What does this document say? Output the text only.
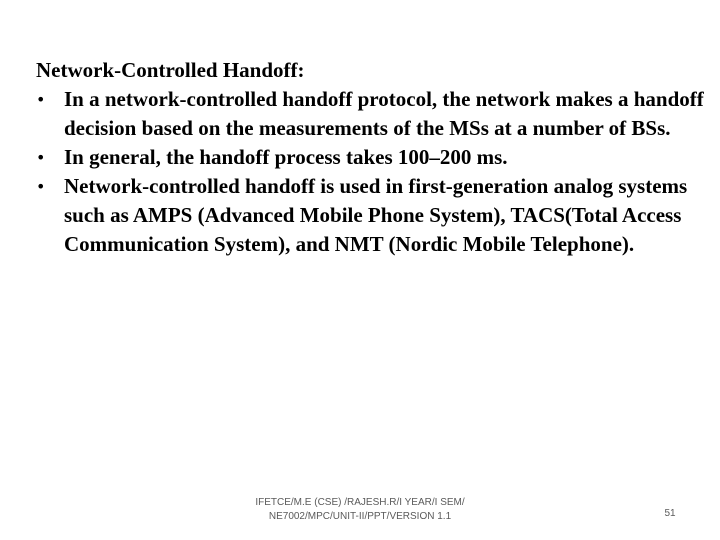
Network-Controlled Handoff:

• In a network-controlled handoff protocol, the network makes a handoff decision based on the measurements of the MSs at a number of BSs.
• In general, the handoff process takes 100–200 ms.
• Network-controlled handoff is used in first-generation analog systems such as AMPS (Advanced Mobile Phone System), TACS(Total Access Communication System), and NMT (Nordic Mobile Telephone).
IFETCE/M.E (CSE) /RAJESH.R/I YEAR/I SEM/
NE7002/MPC/UNIT-II/PPT/VERSION 1.1	51
